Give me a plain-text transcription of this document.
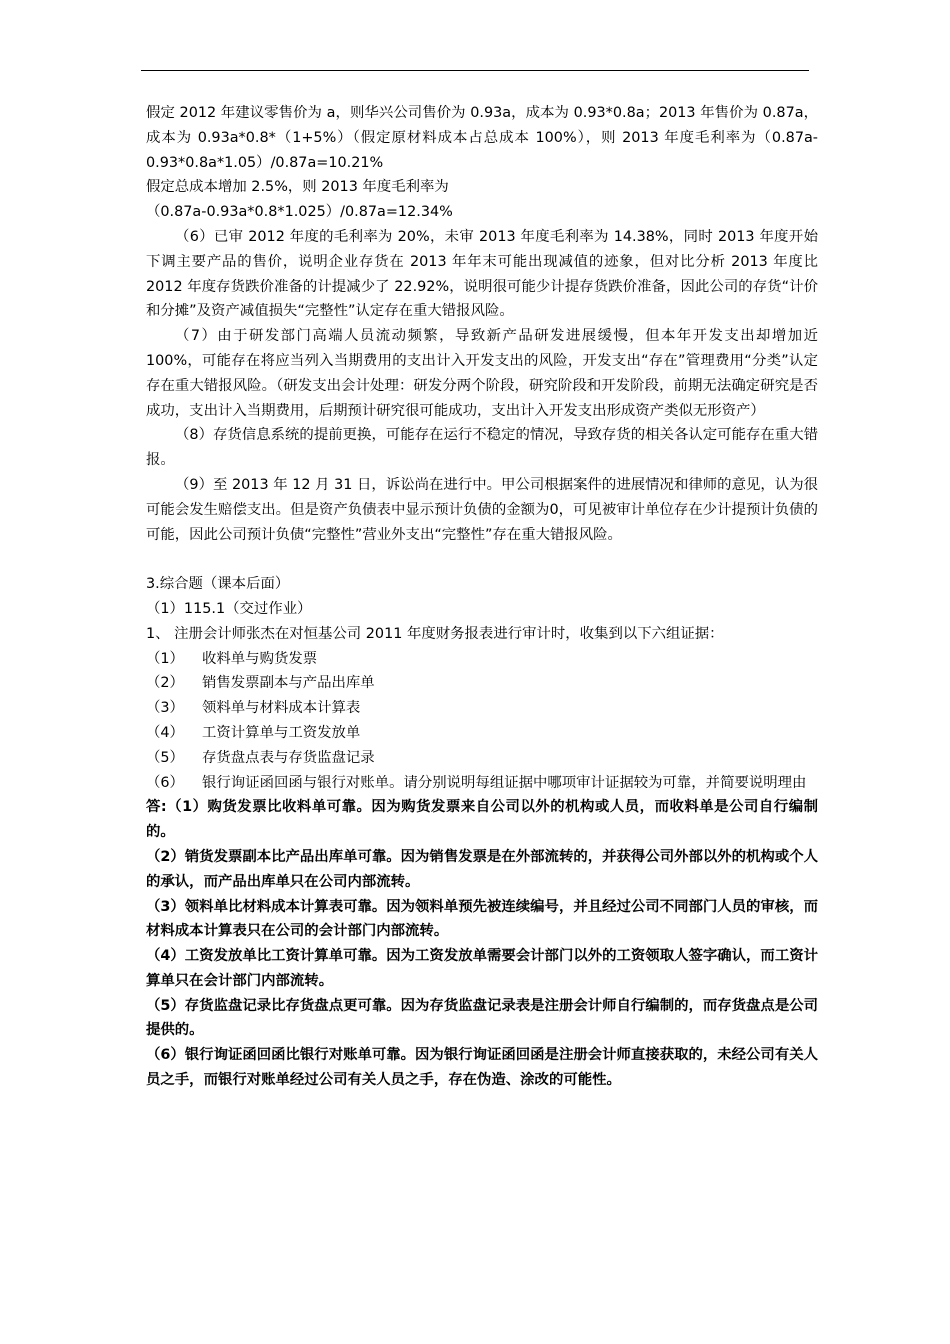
假定 2012 年建议零售价为 a，则华兴公司售价为 0.93a，成本为 0.93*0.8a；2013 年售价为 0.87a，成本为 0.93a*0.8*（1+5%）（假定原材料成本占总成本 100%），则 2013 年度毛利率为（0.87a-0.93*0.8a*1.05）/0.87a=10.21%

假定总成本增加 2.5%，则 2013 年度毛利率为

（0.87a-0.93a*0.8*1.025）/0.87a=12.34%

（6）已审 2012 年度的毛利率为 20%，未审 2013 年度毛利率为 14.38%，同时 2013 年度开始下调主要产品的售价，说明企业存货在 2013 年年末可能出现减值的迹象，但对比分析 2013 年度比 2012 年度存货跌价准备的计提减少了 22.92%，说明很可能少计提存货跌价准备，因此公司的存货“计价和分摊”及资产减值损失“完整性”认定存在重大错报风险。

（7）由于研发部门高端人员流动频繁，导致新产品研发进展缓慢，但本年开发支出却增加近 100%，可能存在将应当列入当期费用的支出计入开发支出的风险，开发支出“存在”管理费用“分类”认定存在重大错报风险。（研发支出会计处理：研发分两个阶段，研究阶段和开发阶段，前期无法确定研究是否成功，支出计入当期费用，后期预计研究很可能成功，支出计入开发支出形成资产类似无形资产）

（8）存货信息系统的提前更换，可能存在运行不稳定的情况，导致存货的相关各认定可能存在重大错报。

（9）至 2013 年 12 月 31 日，诉讼尚在进行中。甲公司根据案件的进展情况和律师的意见，认为很可能会发生赔偿支出。但是资产负债表中显示预计负债的金额为0，可见被审计单位存在少计提预计负债的可能，因此公司预计负债“完整性”营业外支出“完整性”存在重大错报风险。

3.综合题（课本后面）

（1）115.1（交过作业）

1、 注册会计师张杰在对恒基公司 2011 年度财务报表进行审计时，收集到以下六组证据：

（1）	收料单与购货发票
（2）	销售发票副本与产品出库单
（3）	领料单与材料成本计算表
（4）	工资计算单与工资发放单
（5）	存货盘点表与存货监盘记录
（6）	银行询证函回函与银行对账单。请分别说明每组证据中哪项审计证据较为可靠，并简要说明理由

答:（1）购货发票比收料单可靠。因为购货发票来自公司以外的机构或人员，而收料单是公司自行编制的。

（2）销货发票副本比产品出库单可靠。因为销售发票是在外部流转的，并获得公司外部以外的机构或个人的承认，而产品出库单只在公司内部流转。

（3）领料单比材料成本计算表可靠。因为领料单预先被连续编号，并且经过公司不同部门人员的审核，而材料成本计算表只在公司的会计部门内部流转。

（4）工资发放单比工资计算单可靠。因为工资发放单需要会计部门以外的工资领取人签字确认，而工资计算单只在会计部门内部流转。

（5）存货监盘记录比存货盘点更可靠。因为存货监盘记录表是注册会计师自行编制的，而存货盘点是公司提供的。

（6）银行询证函回函比银行对账单可靠。因为银行询证函回函是注册会计师直接获取的，未经公司有关人员之手，而银行对账单经过公司有关人员之手，存在伪造、涂改的可能性。
